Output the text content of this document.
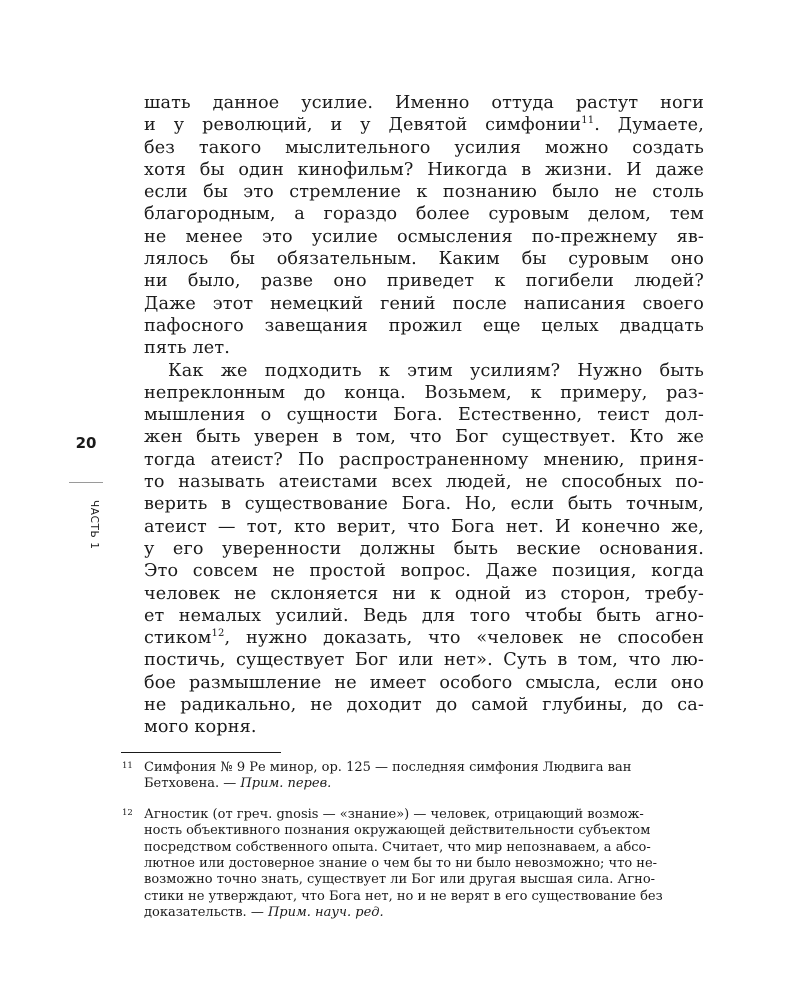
20
ЧАСТЬ 1
шать данное усилие. Именно оттуда растут ноги
и у революций, и у Девятой симфонии$^{11}$. Думаете,
без такого мыслительного усилия можно создать
хотя бы один кинофильм? Никогда в жизни. И даже
если бы это стремление к познанию было не столь
благородным, а гораздо более суровым делом, тем
не менее это усилие осмысления по-прежнему яв-
лялось бы обязательным. Каким бы суровым оно
ни было, разве оно приведет к погибели людей?
Даже этот немецкий гений после написания своего
пафосного завещания прожил еще целых двадцать
пять лет.
Как же подходить к этим усилиям? Нужно быть
непреклонным до конца. Возьмем, к примеру, раз-
мышления о сущности Бога. Естественно, теист дол-
жен быть уверен в том, что Бог существует. Кто же
тогда атеист? По распространенному мнению, приня-
то называть атеистами всех людей, не способных по-
верить в существование Бога. Но, если быть точным,
атеист — тот, кто верит, что Бога нет. И конечно же,
у его уверенности должны быть веские основания.
Это совсем не простой вопрос. Даже позиция, когда
человек не склоняется ни к одной из сторон, требу-
ет немалых усилий. Ведь для того чтобы быть агно-
стиком$^{12}$, нужно доказать, что «человек не способен
постичь, существует Бог или нет». Суть в том, что лю-
бое размышление не имеет особого смысла, если оно
не радикально, не доходит до самой глубины, до са-
мого корня.
11 Симфония № 9 Ре минор, op. 125 — последняя симфония Людвига ван
Бетховена. — Прим. перев.
12 Агностик (от греч. gnosis — «знание») — человек, отрицающий возмож-
ность объективного познания окружающей действительности субъектом
посредством собственного опыта. Считает, что мир непознаваем, а абсо-
лютное или достоверное знание о чем бы то ни было невозможно; что не-
возможно точно знать, существует ли Бог или другая высшая сила. Агно-
стики не утверждают, что Бога нет, но и не верят в его существование без
доказательств. — Прим. науч. ред.
